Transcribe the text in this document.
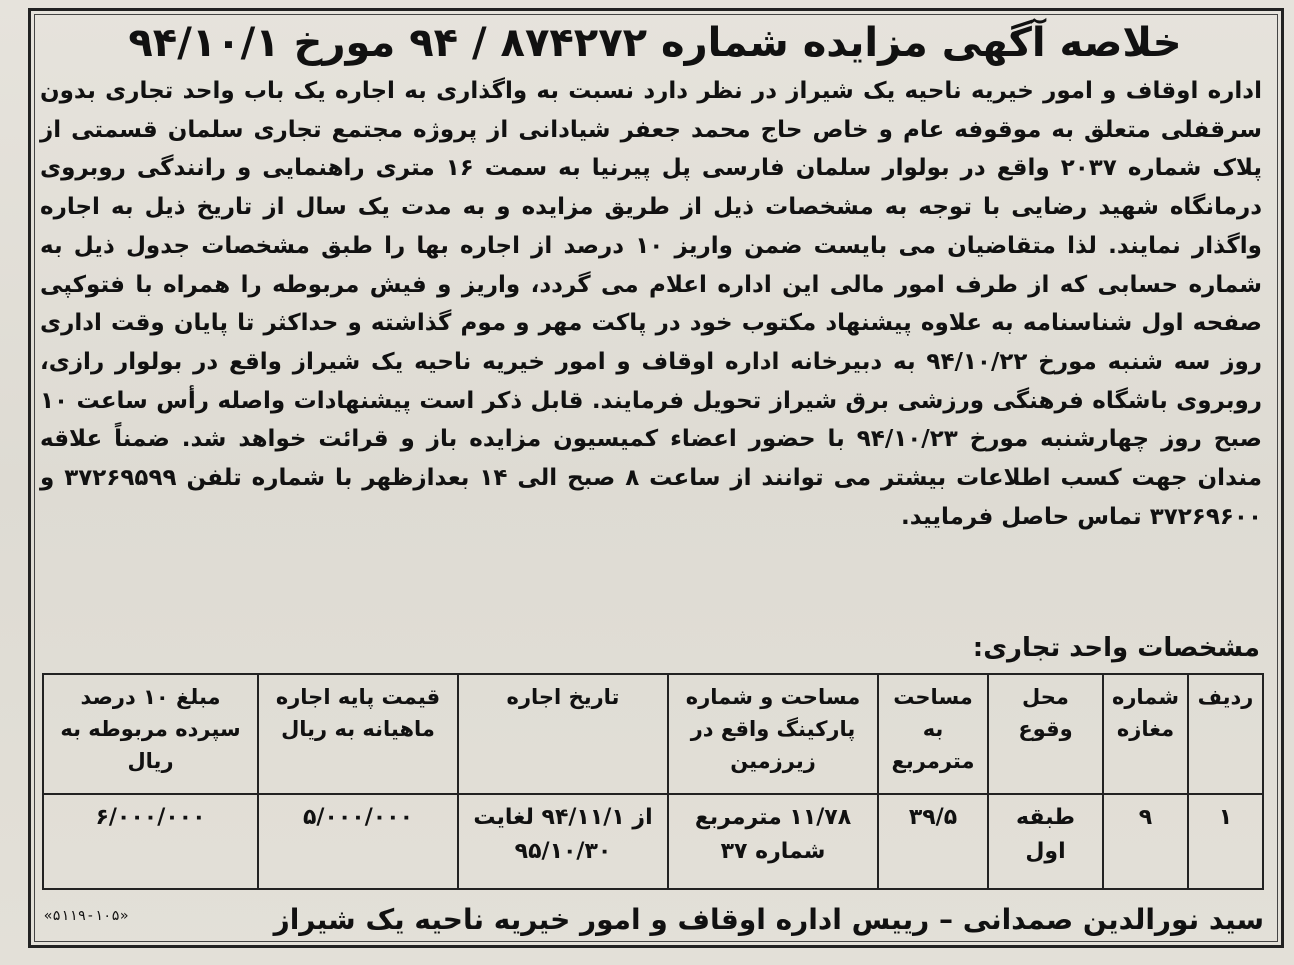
خلاصه آگهی مزایده شماره ۸۷۴۲۷۲ / ۹۴ مورخ ۹۴/۱۰/۱

اداره اوقاف و امور خیریه ناحیه یک شیراز در نظر دارد نسبت به واگذاری به اجاره یک باب واحد تجاری بدون سرقفلی متعلق به موقوفه عام و خاص حاج محمد جعفر شیادانی از پروژه مجتمع تجاری سلمان قسمتی از پلاک شماره ۲۰۳۷ واقع در بولوار سلمان فارسی پل پیرنیا به سمت ۱۶ متری راهنمایی و رانندگی روبروی درمانگاه شهید رضایی با توجه به مشخصات ذیل از طریق مزایده و به مدت یک سال از تاریخ ذیل به اجاره واگذار نمایند. لذا متقاضیان می بایست ضمن واریز ۱۰ درصد از اجاره بها را طبق مشخصات جدول ذیل به شماره حسابی که از طرف امور مالی این اداره اعلام می گردد، واریز و فیش مربوطه را همراه با فتوکپی صفحه اول شناسنامه به علاوه پیشنهاد مکتوب خود در پاکت مهر و موم گذاشته و حداکثر تا پایان وقت اداری روز سه شنبه مورخ ۹۴/۱۰/۲۲ به دبیرخانه اداره اوقاف و امور خیریه ناحیه یک شیراز واقع در بولوار رازی، روبروی باشگاه فرهنگی ورزشی برق شیراز تحویل فرمایند. قابل ذکر است پیشنهادات واصله رأس ساعت ۱۰ صبح روز چهارشنبه مورخ ۹۴/۱۰/۲۳ با حضور اعضاء کمیسیون مزایده باز و قرائت خواهد شد. ضمناً علاقه مندان جهت کسب اطلاعات بیشتر می توانند از ساعت ۸ صبح الی ۱۴ بعدازظهر با شماره تلفن ۳۷۲۶۹۵۹۹ و ۳۷۲۶۹۶۰۰ تماس حاصل فرمایید.

مشخصات واحد تجاری:
ردیف	شماره مغازه	محل وقوع	مساحت به مترمربع	مساحت و شماره پارکینگ واقع در زیرزمین	تاریخ اجاره	قیمت پایه اجاره ماهیانه به ریال	مبلغ ۱۰ درصد سپرده مربوطه به ریال
۱	۹	طبقه اول	۳۹/۵	۱۱/۷۸ مترمربع شماره ۳۷	از ۹۴/۱۱/۱ لغایت ۹۵/۱۰/۳۰	۵/۰۰۰/۰۰۰	۶/۰۰۰/۰۰۰
سید نورالدین صمدانی – رییس اداره اوقاف و امور خیریه ناحیه یک شیراز
«۵۱۱۹-۱۰۵»
